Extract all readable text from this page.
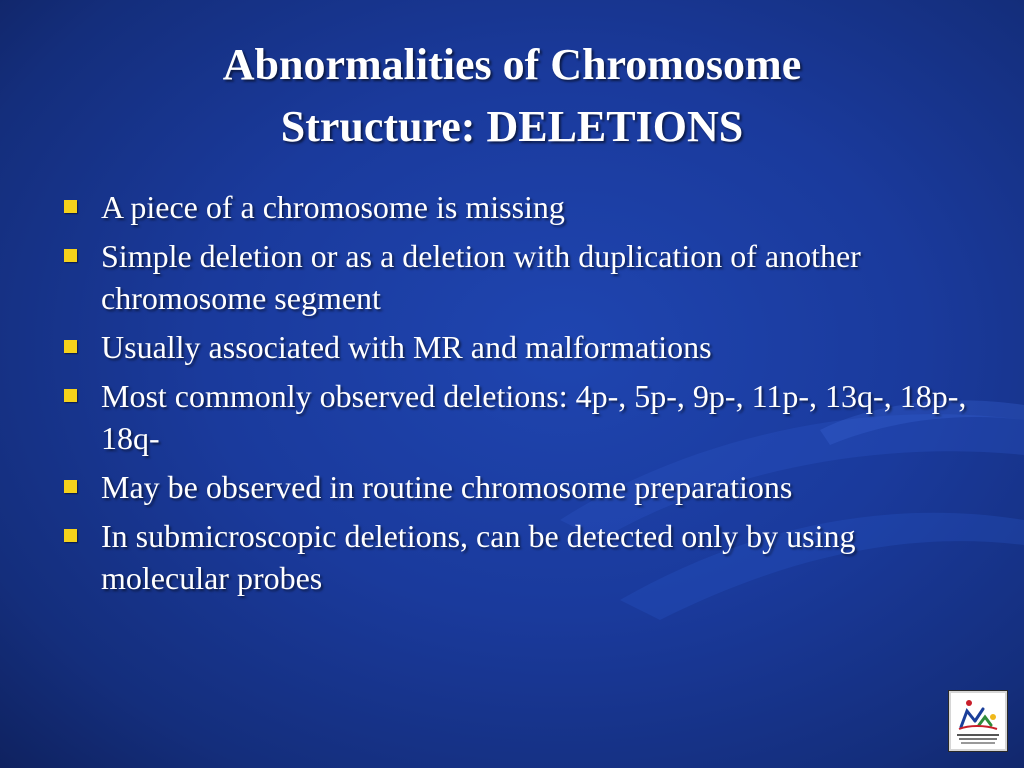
Abnormalities of Chromosome
Structure: DELETIONS
A piece of a chromosome is missing
Simple deletion or as a deletion with duplication of another chromosome segment
Usually associated with MR and malformations
Most commonly observed deletions: 4p-, 5p-, 9p-, 11p-, 13q-, 18p-, 18q-
May be observed in routine chromosome preparations
In submicroscopic deletions, can be detected only by using molecular probes
